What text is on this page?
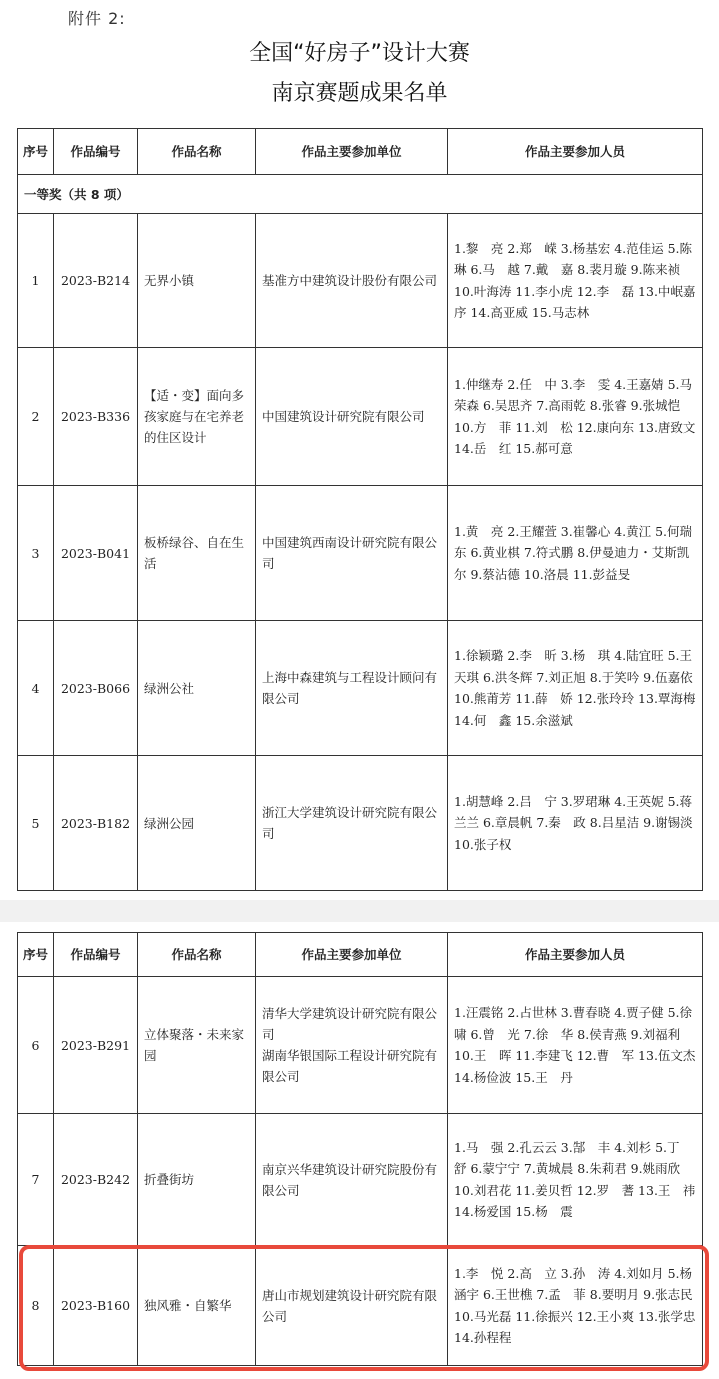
附件 2:
全国“好房子”设计大赛
南京赛题成果名单
序号	作品编号	作品名称	作品主要参加单位	作品主要参加人员
一等奖（共 8 项）				
1	2023-B214	无界小镇	基准方中建筑设计股份有限公司	1.黎　亮 2.郑　嵘 3.杨基宏 4.范佳运 5.陈　琳 6.马　越 7.戴　嘉 8.裴月璇 9.陈来祯 10.叶海涛 11.李小虎 12.李　磊 13.中岷嘉序 14.高亚威 15.马志林
2	2023-B336	【适・变】面向多孩家庭与在宅养老的住区设计	中国建筑设计研究院有限公司	1.仲继寿 2.任　中 3.李　雯 4.王嘉婧 5.马荣森 6.吴思齐 7.高雨乾 8.张睿 9.张城恺 10.方　菲 11.刘　松 12.康向东 13.唐致文 14.岳　红 15.郝可意
3	2023-B041	板桥绿谷、自在生活	中国建筑西南设计研究院有限公司	1.黄　亮 2.王耀萱 3.崔馨心 4.黄江 5.何瑞东 6.黄业棋 7.符式鹏 8.伊曼迪力・艾斯凯尔 9.蔡沾德 10.洛晨 11.彭益旻
4	2023-B066	绿洲公社	上海中森建筑与工程设计顾问有限公司	1.徐颖璐 2.李　昕 3.杨　琪 4.陆宜旺 5.王天琪 6.洪冬辉 7.刘正旭 8.于笑吟 9.伍嘉依 10.熊莆芳 11.薛　娇 12.张玲玲 13.覃海梅 14.何　鑫 15.余滋斌
5	2023-B182	绿洲公园	浙江大学建筑设计研究院有限公司	1.胡慧峰 2.吕　宁 3.罗珺琳 4.王英妮 5.蒋兰兰 6.章晨帆 7.秦　政 8.吕星洁 9.谢锡淡 10.张子权
序号	作品编号	作品名称	作品主要参加单位	作品主要参加人员
6	2023-B291	立体聚落・未来家园	清华大学建筑设计研究院有限公司
湖南华银国际工程设计研究院有限公司	1.汪震铭 2.占世林 3.曹春晓 4.贾子健 5.徐　啸 6.曾　光 7.徐　华 8.侯青燕 9.刘福利 10.王　晖 11.李建飞 12.曹　军 13.伍文杰 14.杨俭波 15.王　丹
7	2023-B242	折叠街坊	南京兴华建筑设计研究院股份有限公司	1.马　强 2.孔云云 3.郜　丰 4.刘杉 5.丁　舒 6.蒙宁宁 7.黄城晨 8.朱莉君 9.姚雨欣 10.刘君花 11.姜贝哲 12.罗　蓍 13.王　祎 14.杨爱国 15.杨　震
8	2023-B160	独风雅・自繁华	唐山市规划建筑设计研究院有限公司	1.李　悦 2.高　立 3.孙　涛 4.刘如月 5.杨涵宇 6.王世樵 7.孟　菲 8.要明月 9.张志民 10.马光磊 11.徐振兴 12.王小爽 13.张学忠 14.孙程程
